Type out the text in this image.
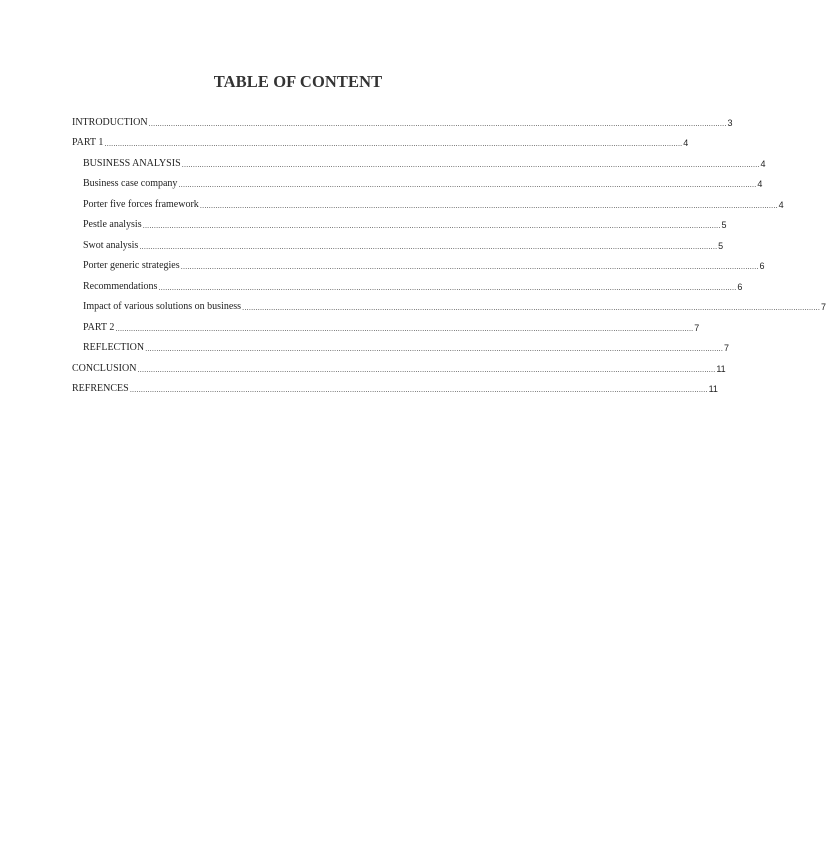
TABLE OF CONTENT
INTRODUCTION .................................................................................................................................................................................................................................................................... 3
PART 1 .................................................................................................................................................................................................................................................................... 4
BUSINESS ANALYSIS .................................................................................................................................................................................................................................................................... 4
Business case company .................................................................................................................................................................................................................................................................... 4
Porter five forces framework .................................................................................................................................................................................................................................................................... 4
Pestle analysis .................................................................................................................................................................................................................................................................... 5
Swot analysis .................................................................................................................................................................................................................................................................... 5
Porter generic strategies .................................................................................................................................................................................................................................................................... 6
Recommendations .................................................................................................................................................................................................................................................................... 6
Impact of various solutions on business .................................................................................................................................................................................................................................................................... 7
PART 2 .................................................................................................................................................................................................................................................................... 7
REFLECTION .................................................................................................................................................................................................................................................................... 7
CONCLUSION .................................................................................................................................................................................................................................................................... 11
REFRENCES .................................................................................................................................................................................................................................................................... 11
